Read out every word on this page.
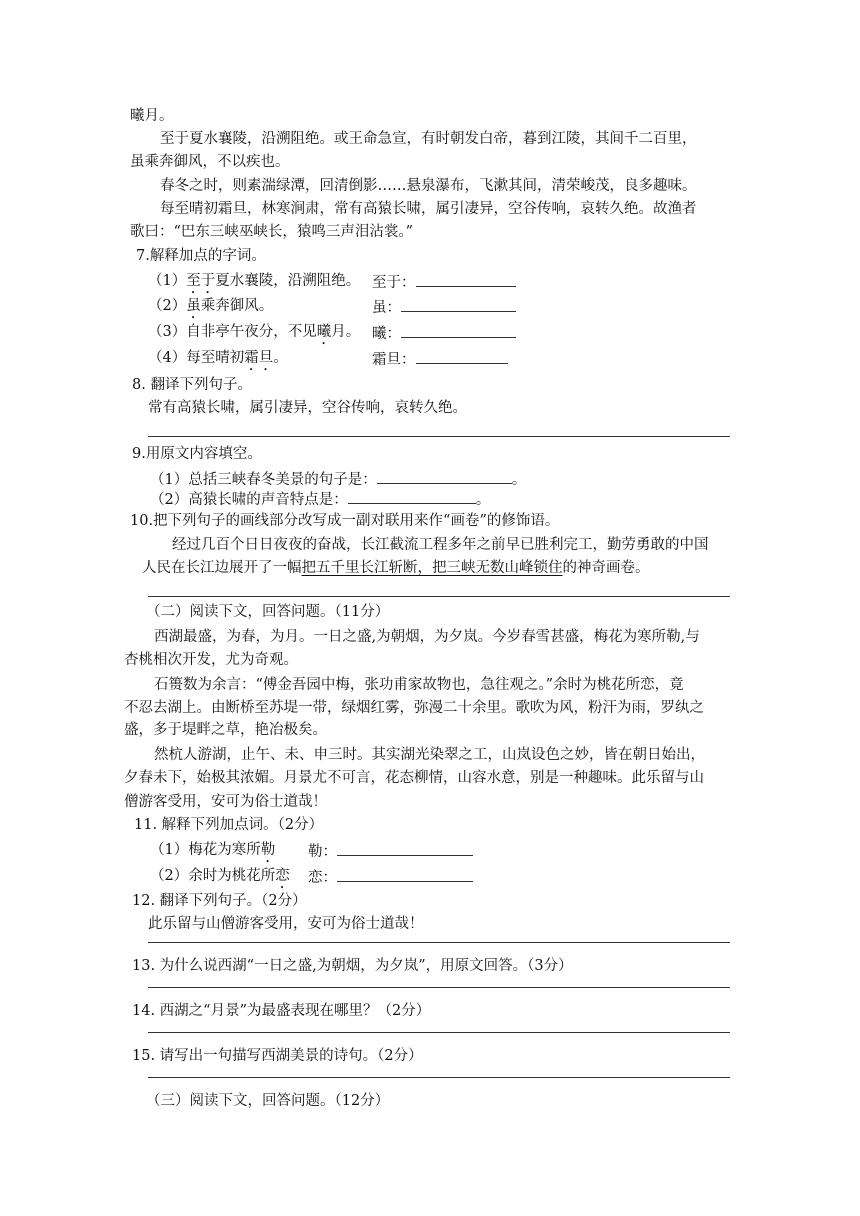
曦月。
至于夏水襄陵，沿溯阻绝。或王命急宣，有时朝发白帝，暮到江陵，其间千二百里，
虽乘奔御风，不以疾也。
春冬之时，则素湍绿潭，回清倒影……悬泉瀑布，飞漱其间，清荣峻茂，良多趣味。
每至晴初霜旦，林寒涧肃，常有高猿长啸，属引凄异，空谷传响，哀转久绝。故渔者
歌曰：“巴东三峡巫峡长，猿鸣三声泪沾裳。”
7.解释加点的字词。
（1）至于夏水襄陵，沿溯阻绝。 至于：
（2）虽乘奔御风。	虽：
（3）自非亭午夜分，不见曦月。 曦：
（4）每至晴初霜旦。	霜旦：
8. 翻译下列句子。
常有高猿长啸，属引凄异，空谷传响，哀转久绝。
9.用原文内容填空。
（1）总括三峡春冬美景的句子是：	。
（2）高猿长啸的声音特点是：	。
10.把下列句子的画线部分改写成一副对联用来作“画卷”的修饰语。
经过几百个日日夜夜的奋战，长江截流工程多年之前早已胜利完工，勤劳勇敢的中国
人民在长江边展开了一幅把五千里长江斩断，把三峡无数山峰锁住的神奇画卷。
（二）阅读下文，回答问题。（11分）
西湖最盛，为春，为月。一日之盛,为朝烟，为夕岚。今岁春雪甚盛，梅花为寒所勒,与
杏桃相次开发，尤为奇观。
石篑数为余言：“傅金吾园中梅，张功甫家故物也，急往观之。”余时为桃花所恋，竟
不忍去湖上。由断桥至苏堤一带，绿烟红雾，弥漫二十余里。歌吹为风，粉汗为雨，罗纨之
盛，多于堤畔之草，艳冶极矣。
然杭人游湖，止午、未、申三时。其实湖光染翠之工，山岚设色之妙，皆在朝日始出，
夕春未下，始极其浓媚。月景尤不可言，花态柳情，山容水意，别是一种趣味。此乐留与山
僧游客受用，安可为俗士道哉！
11. 解释下列加点词。（2分）
（1）梅花为寒所勒 勒：
（2）余时为桃花所恋 恋：
12. 翻译下列句子。（2分）
此乐留与山僧游客受用，安可为俗士道哉！
13. 为什么说西湖“一日之盛,为朝烟，为夕岚”，用原文回答。（3分）
14. 西湖之“月景”为最盛表现在哪里？（2分）
15. 请写出一句描写西湖美景的诗句。（2分）
（三）阅读下文，回答问题。（12分）
